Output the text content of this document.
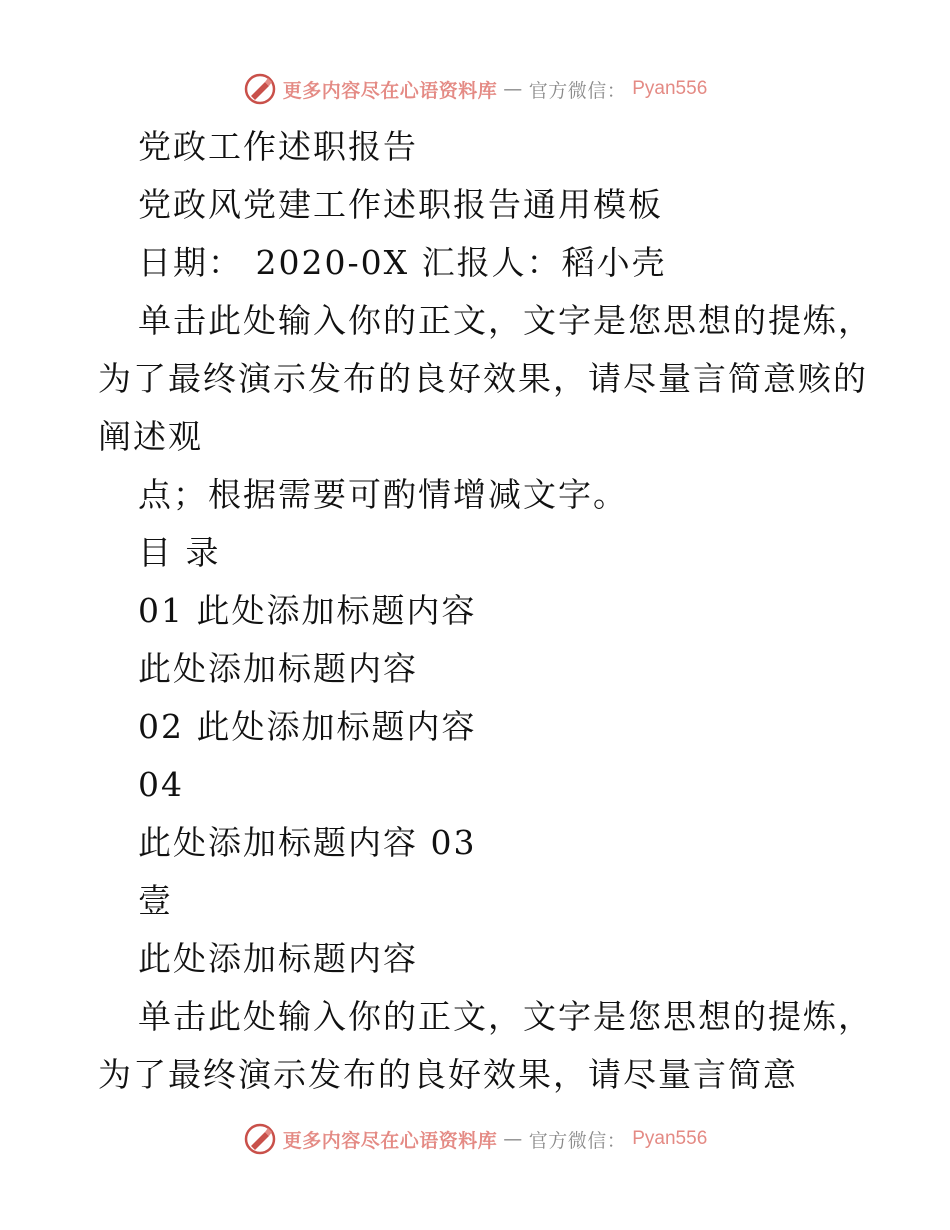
更多内容尽在心语资料库 — 官方微信： Pyan556
党政工作述职报告
党政风党建工作述职报告通用模板
日期： 2020-0X 汇报人：稻小壳
单击此处输入你的正文，文字是您思想的提炼，
为了最终演示发布的良好效果，请尽量言简意赅的
阐述观
点；根据需要可酌情增减文字。
目 录
01 此处添加标题内容
此处添加标题内容
02 此处添加标题内容
04
此处添加标题内容 03
壹
此处添加标题内容
单击此处输入你的正文，文字是您思想的提炼，
为了最终演示发布的良好效果，请尽量言简意
更多内容尽在心语资料库 — 官方微信： Pyan556
